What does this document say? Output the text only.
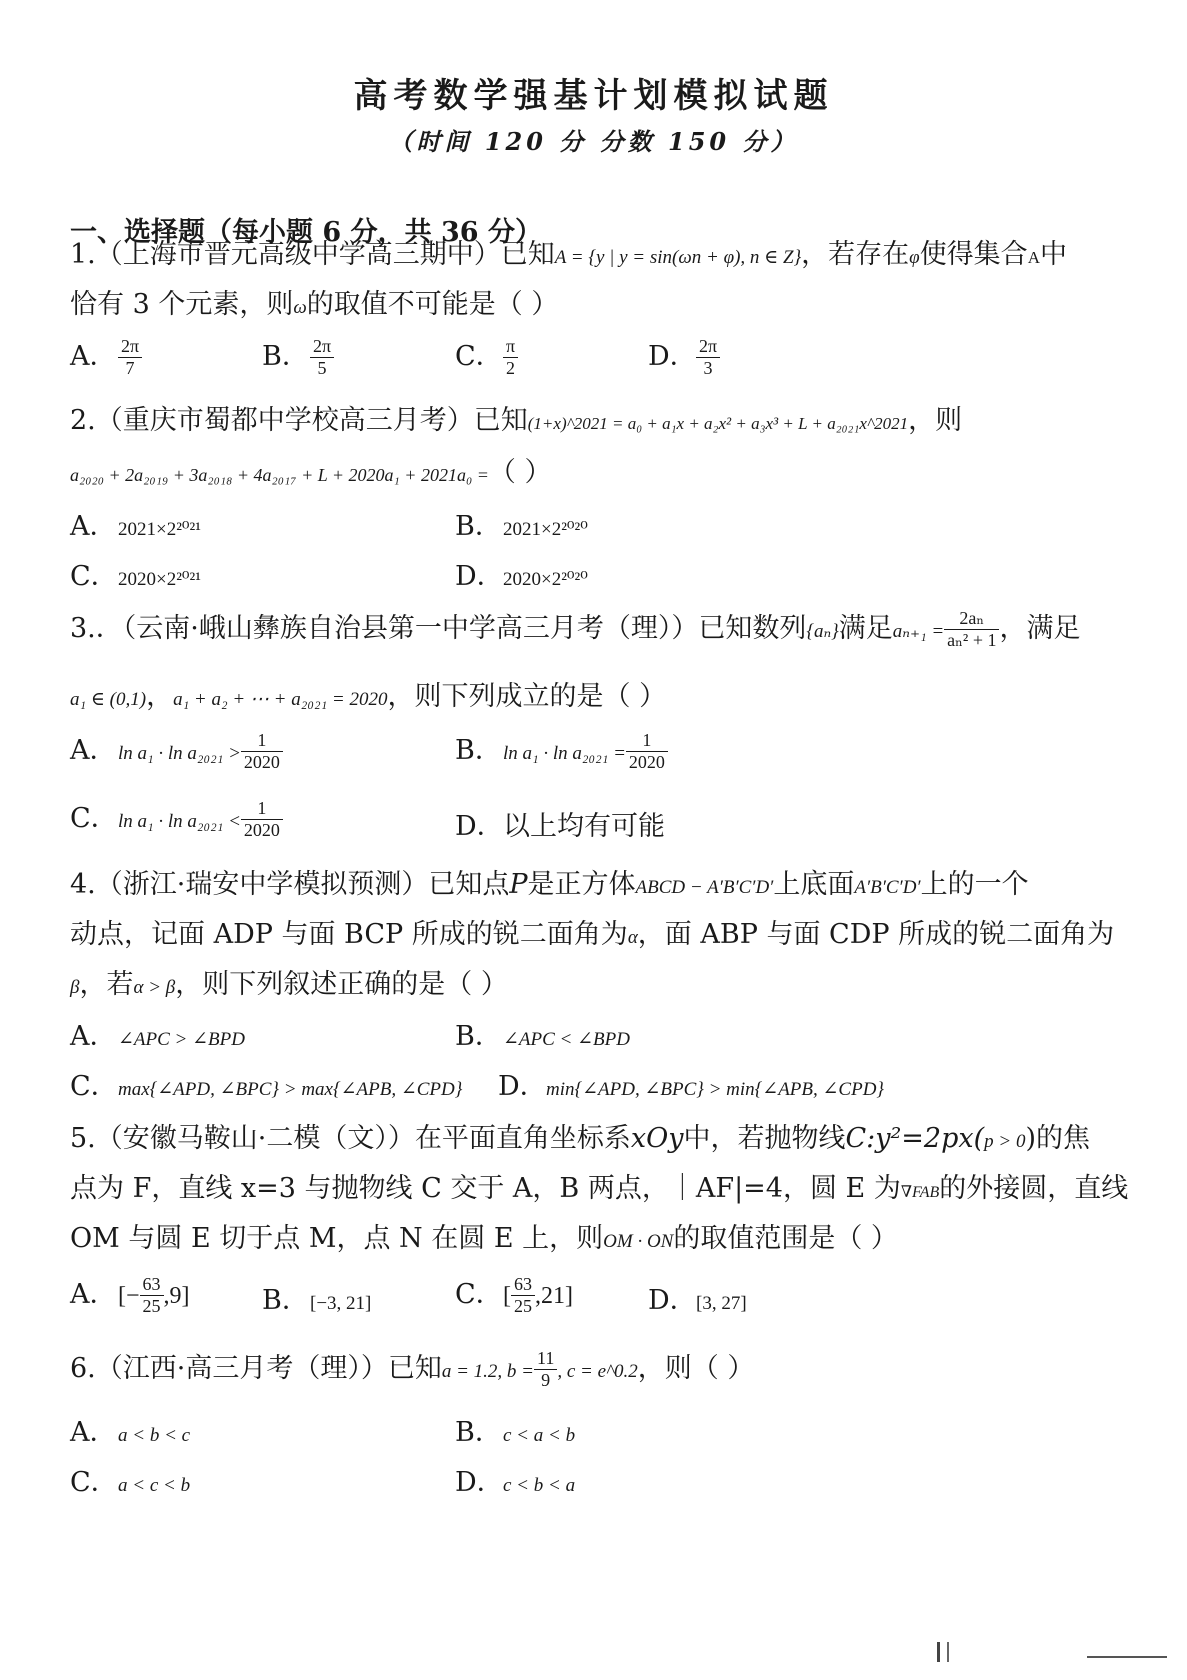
高考数学强基计划模拟试题
（时间 120 分 分数 150 分）
一、选择题（每小题 6 分，共 36 分）
1.（上海市晋元高级中学高三期中）已知A = {y | y = sin(ωn + φ), n ∈ Z}，若存在φ使得集合A中
恰有 3 个元素，则ω的取值不可能是（ ）
A． $\frac{2\pi}{7}$	B． $\frac{2\pi}{5}$	C． $\frac{\pi}{2}$	D． $\frac{2\pi}{3}$
2.（重庆市蜀都中学校高三月考）已知(1+x)^2021 = a₀ + a₁x + a₂x² + a₃x³ + L + a₂₀₂₁x^2021，则
a₂₀₂₀ + 2a₂₀₁₉ + 3a₂₀₁₈ + 4a₂₀₁₇ + L + 2020a₁ + 2021a₀ =（ ）
A．2021×2²⁰²¹	B．2021×2²⁰²⁰
C．2020×2²⁰²¹	D．2020×2²⁰²⁰
3.．（云南·峨山彝族自治县第一中学高三月考（理））已知数列{aₙ}满足$a_{n+1} = \frac{\text{2aₙ}}{\text{aₙ² + 1}}$ ，满足
a₁ ∈ (0,1)，a₁ + a₂ + ⋯ + a₂₀₂₁ = 2020，则下列成立的是（ ）
A．$\ln a_1 \cdot \ln a_{2021} > \frac{1}{2020}$	B．$\ln a_1 \cdot \ln a_{2021} = \frac{1}{2020}$
C．$\ln a_1 \cdot \ln a_{2021} < \frac{1}{2020}$	D．以上均有可能
4.（浙江·瑞安中学模拟预测）已知点P是正方体ABCD − A′B′C′D′上底面A′B′C′D′上的一个
动点，记面 ADP 与面 BCP 所成的锐二面角为α，面 ABP 与面 CDP 所成的锐二面角为
β，若α > β，则下列叙述正确的是（ ）
A．∠APC > ∠BPD	B．∠APC < ∠BPD
C．max{∠APD, ∠BPC} > max{∠APB, ∠CPD} D．min{∠APD, ∠BPC} > min{∠APB, ∠CPD}
5.（安徽马鞍山·二模（文））在平面直角坐标系xOy中，若抛物线C:y²=2px(p > 0)的焦
点为 F，直线 x=3 与抛物线 C 交于 A，B 两点，｜AF|=4，圆 E 为∇FAB的外接圆，直线
OM 与圆 E 切于点 M，点 N 在圆 E 上，则OM · ON的取值范围是（ ）
A．[− $\frac{63}{25} ,9$]	B．[−3, 21]	C．[ $\frac{63}{25} ,21$]	D．[3, 27]
6.（江西·高三月考（理））已知a = 1.2, $b = \frac{11}{9}$ , c = e^0.2，则（ ）
A．a < b < c	B．c < a < b
C．a < c < b	D．c < b < a
